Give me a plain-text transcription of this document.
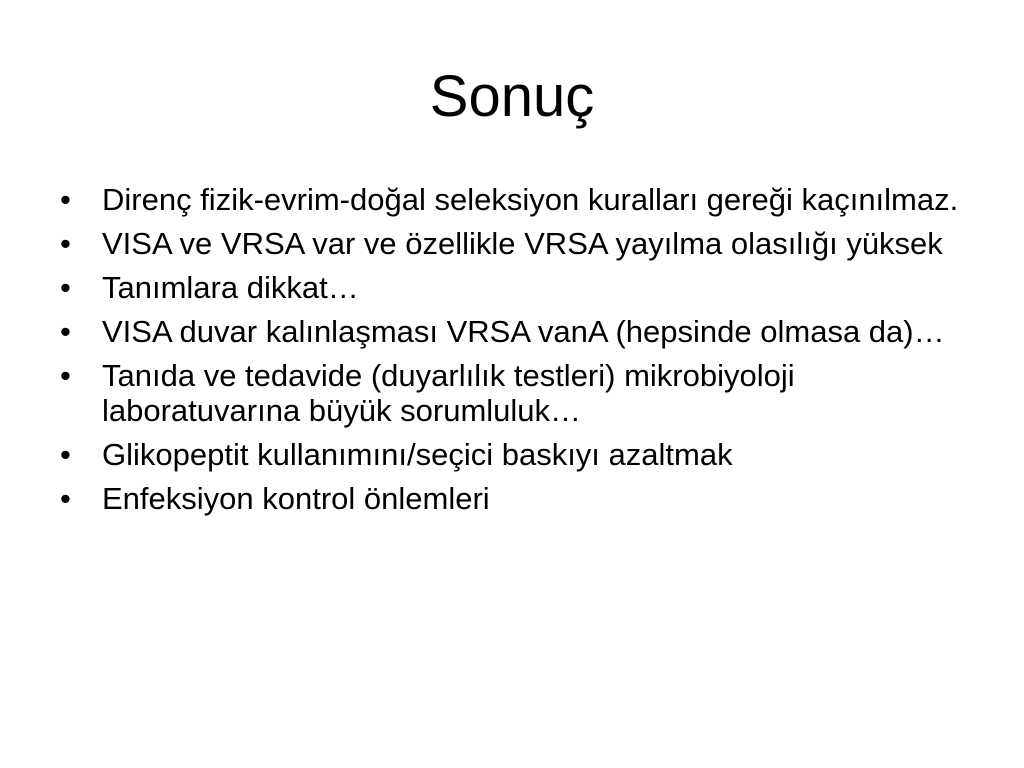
Sonuç
• Direnç fizik-evrim-doğal seleksiyon kuralları gereği kaçınılmaz.
• VISA ve VRSA var ve özellikle VRSA yayılma olasılığı yüksek
• Tanımlara dikkat…
• VISA duvar kalınlaşması VRSA vanA (hepsinde olmasa da)…
• Tanıda ve tedavide (duyarlılık testleri) mikrobiyoloji laboratuvarına büyük sorumluluk…
• Glikopeptit kullanımını/seçici baskıyı azaltmak
• Enfeksiyon kontrol önlemleri
